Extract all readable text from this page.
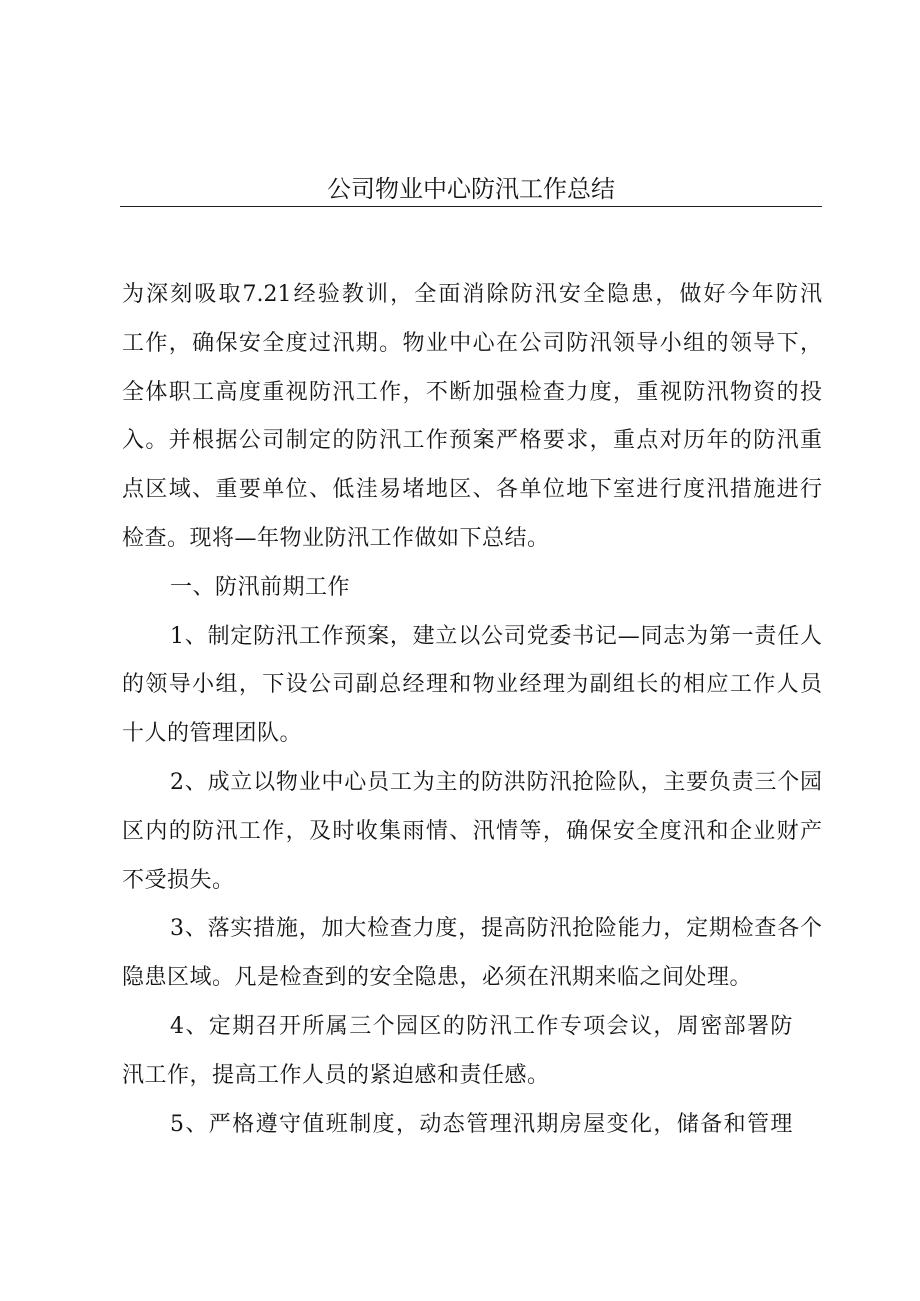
公司物业中心防汛工作总结
为深刻吸取7.21经验教训，全面消除防汛安全隐患，做好今年防汛
工作，确保安全度过汛期。物业中心在公司防汛领导小组的领导下，
全体职工高度重视防汛工作，不断加强检查力度，重视防汛物资的投
入。并根据公司制定的防汛工作预案严格要求，重点对历年的防汛重
点区域、重要单位、低洼易堵地区、各单位地下室进行度汛措施进行
检查。现将—年物业防汛工作做如下总结。
一、防汛前期工作
1、制定防汛工作预案，建立以公司党委书记—同志为第一责任人
的领导小组，下设公司副总经理和物业经理为副组长的相应工作人员
十人的管理团队。
2、成立以物业中心员工为主的防洪防汛抢险队，主要负责三个园
区内的防汛工作，及时收集雨情、汛情等，确保安全度汛和企业财产
不受损失。
3、落实措施，加大检查力度，提高防汛抢险能力，定期检查各个
隐患区域。凡是检查到的安全隐患，必须在汛期来临之间处理。
4、定期召开所属三个园区的防汛工作专项会议，周密部署防
汛工作，提高工作人员的紧迫感和责任感。
5、严格遵守值班制度，动态管理汛期房屋变化，储备和管理
